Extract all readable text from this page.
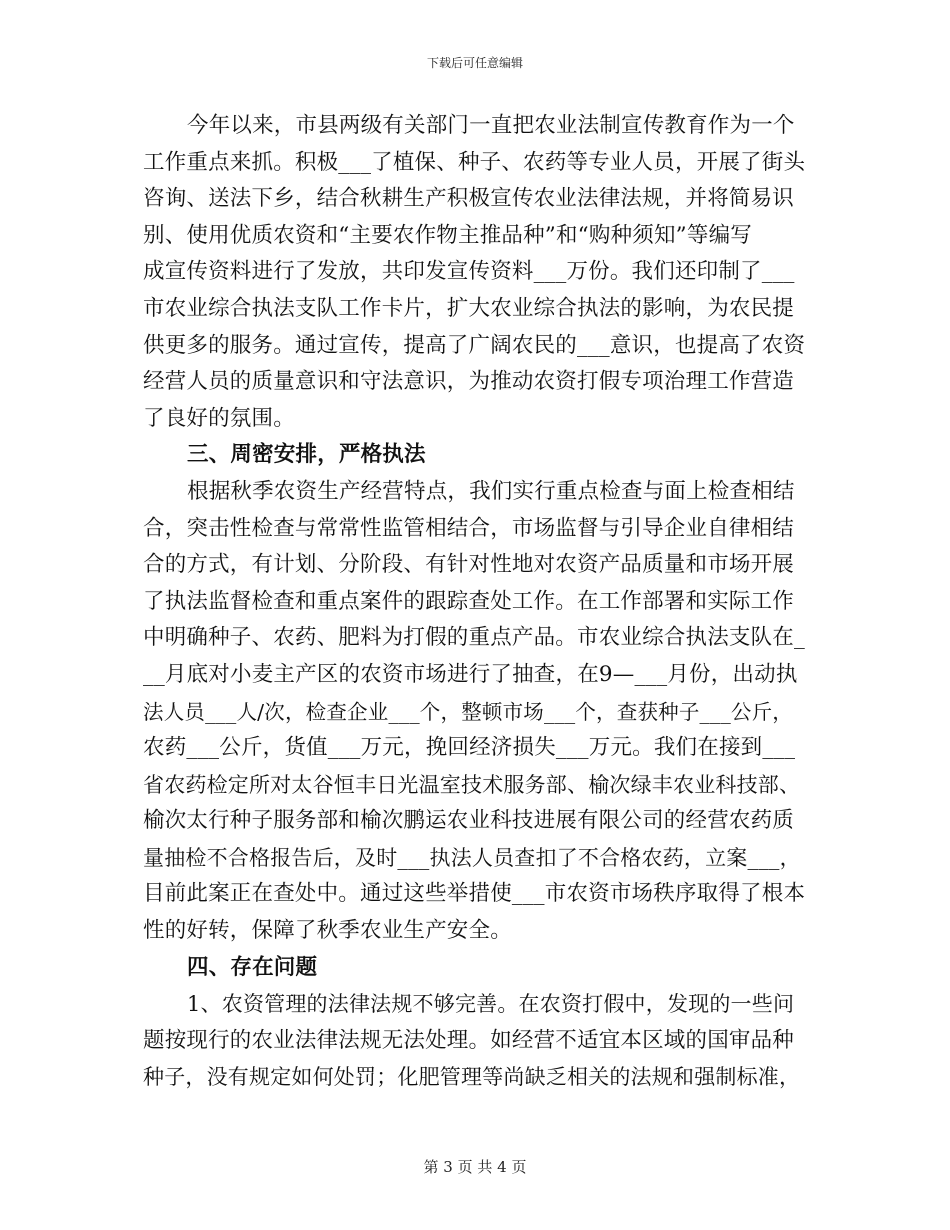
下载后可任意编辑
今年以来，市县两级有关部门一直把农业法制宣传教育作为一个
工作重点来抓。积极___了植保、种子、农药等专业人员，开展了街头
咨询、送法下乡，结合秋耕生产积极宣传农业法律法规，并将简易识
别、使用优质农资和“主要农作物主推品种”和“购种须知”等编写
成宣传资料进行了发放，共印发宣传资料___万份。我们还印制了___
市农业综合执法支队工作卡片，扩大农业综合执法的影响，为农民提
供更多的服务。通过宣传，提高了广阔农民的___意识，也提高了农资
经营人员的质量意识和守法意识，为推动农资打假专项治理工作营造
了良好的氛围。
三、周密安排，严格执法
根据秋季农资生产经营特点，我们实行重点检查与面上检查相结
合，突击性检查与常常性监管相结合，市场监督与引导企业自律相结
合的方式，有计划、分阶段、有针对性地对农资产品质量和市场开展
了执法监督检查和重点案件的跟踪查处工作。在工作部署和实际工作
中明确种子、农药、肥料为打假的重点产品。市农业综合执法支队在_
__月底对小麦主产区的农资市场进行了抽查，在9—___月份，出动执
法人员___人/次，检查企业___个，整顿市场___个，查获种子___公斤，
农药___公斤，货值___万元，挽回经济损失___万元。我们在接到___
省农药检定所对太谷恒丰日光温室技术服务部、榆次绿丰农业科技部、
榆次太行种子服务部和榆次鹏运农业科技进展有限公司的经营农药质
量抽检不合格报告后，及时___执法人员查扣了不合格农药，立案___，
目前此案正在查处中。通过这些举措使___市农资市场秩序取得了根本
性的好转，保障了秋季农业生产安全。
四、存在问题
1、农资管理的法律法规不够完善。在农资打假中，发现的一些问
题按现行的农业法律法规无法处理。如经营不适宜本区域的国审品种
种子，没有规定如何处罚；化肥管理等尚缺乏相关的法规和强制标准，
第 3 页 共 4 页
